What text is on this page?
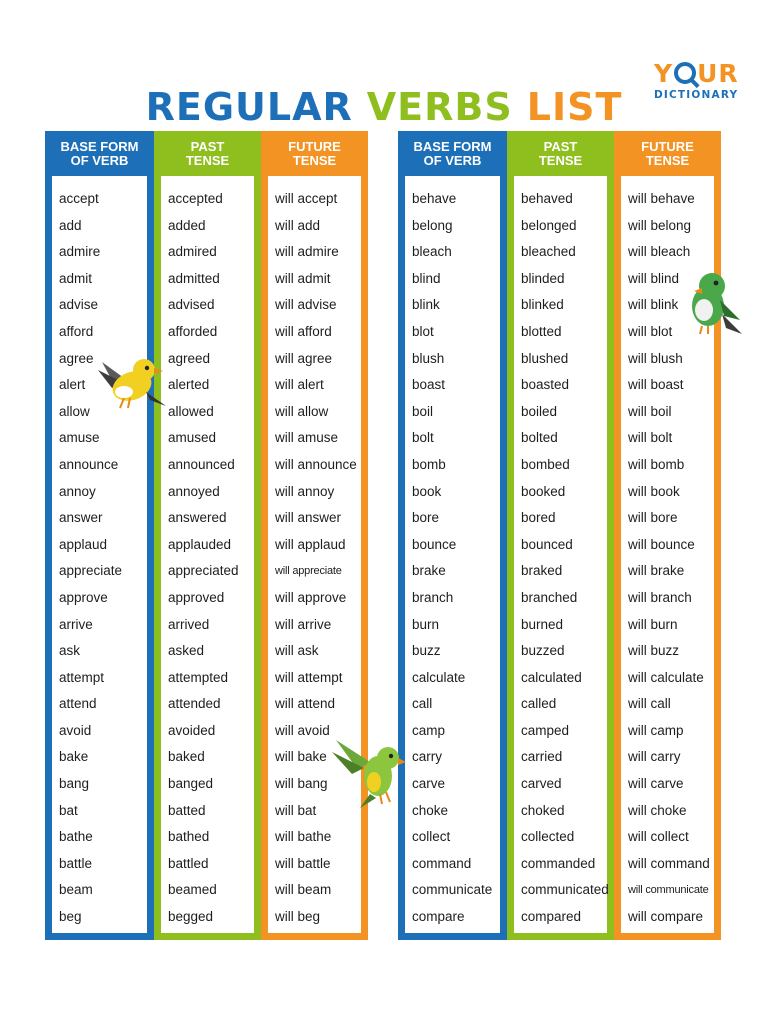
REGULAR VERBS LIST
Y UR
DICTIONARY
BASE FORM
OF VERB
accept
add
admire
admit
advise
afford
agree
alert
allow
amuse
announce
annoy
answer
applaud
appreciate
approve
arrive
ask
attempt
attend
avoid
bake
bang
bat
bathe
battle
beam
beg
PAST
TENSE
accepted
added
admired
admitted
advised
afforded
agreed
alerted
allowed
amused
announced
annoyed
answered
applauded
appreciated
approved
arrived
asked
attempted
attended
avoided
baked
banged
batted
bathed
battled
beamed
begged
FUTURE
TENSE
will accept
will add
will admire
will admit
will advise
will afford
will agree
will alert
will allow
will amuse
will announce
will annoy
will answer
will applaud
will appreciate
will approve
will arrive
will ask
will attempt
will attend
will avoid
will bake
will bang
will bat
will bathe
will battle
will beam
will beg
BASE FORM
OF VERB
behave
belong
bleach
blind
blink
blot
blush
boast
boil
bolt
bomb
book
bore
bounce
brake
branch
burn
buzz
calculate
call
camp
carry
carve
choke
collect
command
communicate
compare
PAST
TENSE
behaved
belonged
bleached
blinded
blinked
blotted
blushed
boasted
boiled
bolted
bombed
booked
bored
bounced
braked
branched
burned
buzzed
calculated
called
camped
carried
carved
choked
collected
commanded
communicated
compared
FUTURE
TENSE
will behave
will belong
will bleach
will blind
will blink
will blot
will blush
will boast
will boil
will bolt
will bomb
will book
will bore
will bounce
will brake
will branch
will burn
will buzz
will calculate
will call
will camp
will carry
will carve
will choke
will collect
will command
will communicate
will compare
